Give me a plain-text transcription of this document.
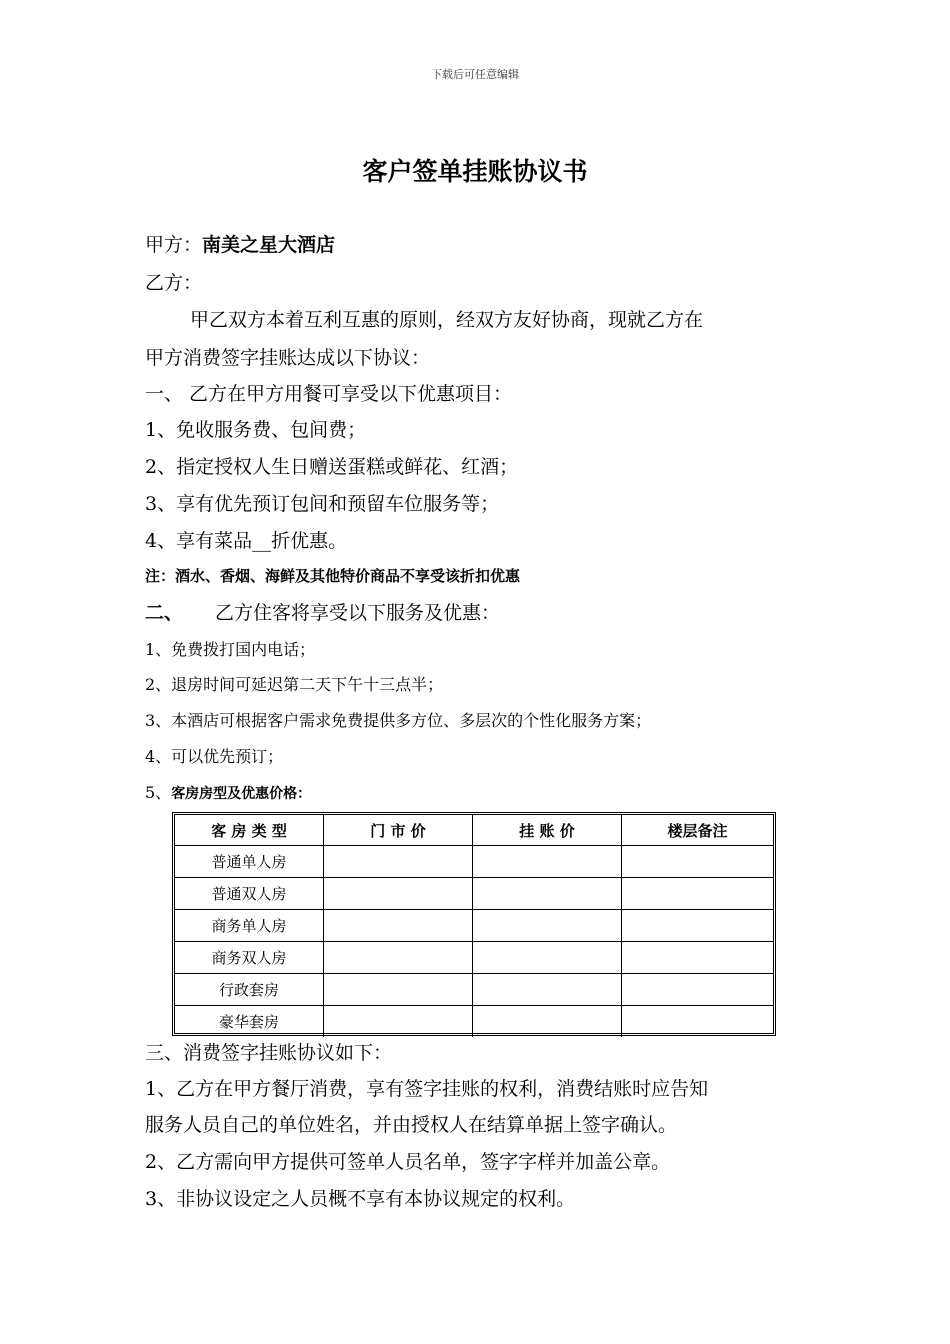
下载后可任意编辑
客户签单挂账协议书
甲方：南美之星大酒店
乙方：
甲乙双方本着互利互惠的原则，经双方友好协商，现就乙方在
甲方消费签字挂账达成以下协议：
一、 乙方在甲方用餐可享受以下优惠项目：
1、免收服务费、包间费；
2、指定授权人生日赠送蛋糕或鲜花、红酒；
3、享有优先预订包间和预留车位服务等；
4、享有菜品__折优惠。
注：酒水、香烟、海鲜及其他特价商品不享受该折扣优惠
二、 乙方住客将享受以下服务及优惠：
1、免费拨打国内电话；
2、退房时间可延迟第二天下午十三点半；
3、本酒店可根据客户需求免费提供多方位、多层次的个性化服务方案；
4、可以优先预订；
5、客房房型及优惠价格：
客 房 类 型	门 市 价	挂 账 价	楼层备注
普通单人房			
普通双人房			
商务单人房			
商务双人房			
行政套房			
豪华套房			
三、消费签字挂账协议如下：
1、乙方在甲方餐厅消费，享有签字挂账的权利，消费结账时应告知
服务人员自己的单位姓名，并由授权人在结算单据上签字确认。
2、乙方需向甲方提供可签单人员名单，签字字样并加盖公章。
3、非协议设定之人员概不享有本协议规定的权利。
